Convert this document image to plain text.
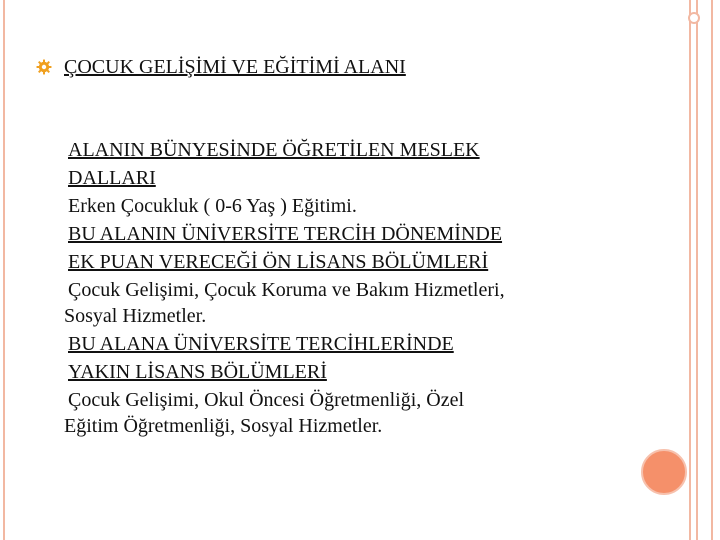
ÇOCUK GELİŞİMİ VE EĞİTİMİ ALANI
ALANIN BÜNYESİNDE ÖĞRETİLEN MESLEK
DALLARI
Erken Çocukluk ( 0-6 Yaş ) Eğitimi.
BU ALANIN ÜNİVERSİTE TERCİH DÖNEMİNDE
EK PUAN VERECEĞİ ÖN LİSANS BÖLÜMLERİ
Çocuk Gelişimi, Çocuk Koruma ve Bakım Hizmetleri,
Sosyal Hizmetler.
BU ALANA ÜNİVERSİTE TERCİHLERİNDE
YAKIN LİSANS BÖLÜMLERİ
Çocuk Gelişimi, Okul Öncesi Öğretmenliği, Özel
Eğitim Öğretmenliği, Sosyal Hizmetler.
